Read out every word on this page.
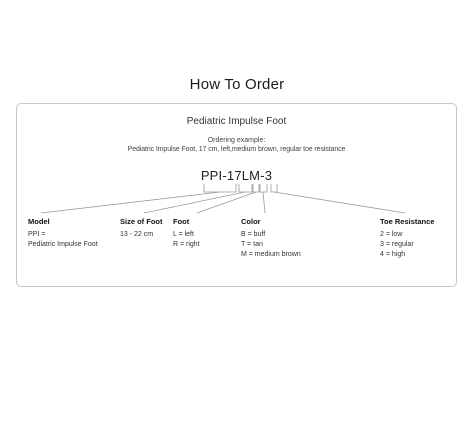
How To Order
Pediatric Impulse Foot
Ordering example:
Pediatric Impulse Foot, 17 cm, left,medium brown, regular toe resistance
PPI-17LM-3
Model
PPI =
Pediatric Impulse Foot
Size of Foot
13 - 22 cm
Foot
L = left
R = right
Color
B = buff
T = tan
M = medium brown
Toe Resistance
2 = low
3 = regular
4 = high
